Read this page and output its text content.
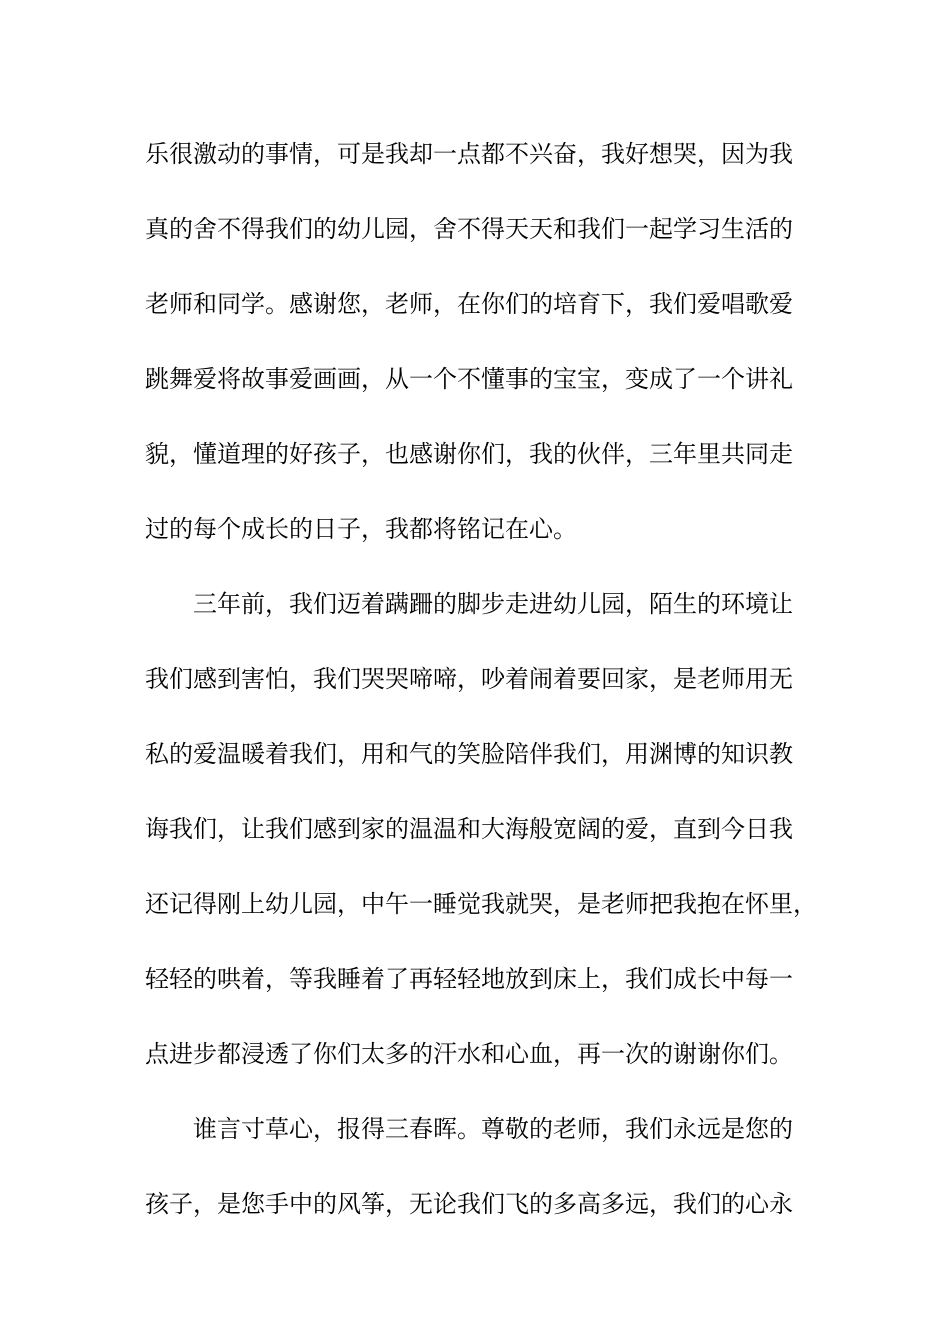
乐很激动的事情，可是我却一点都不兴奋，我好想哭，因为我

真的舍不得我们的幼儿园，舍不得天天和我们一起学习生活的

老师和同学。感谢您，老师，在你们的培育下，我们爱唱歌爱

跳舞爱将故事爱画画，从一个不懂事的宝宝，变成了一个讲礼

貌，懂道理的好孩子，也感谢你们，我的伙伴，三年里共同走

过的每个成长的日子，我都将铭记在心。

三年前，我们迈着蹒跚的脚步走进幼儿园，陌生的环境让

我们感到害怕，我们哭哭啼啼，吵着闹着要回家，是老师用无

私的爱温暖着我们，用和气的笑脸陪伴我们，用渊博的知识教

诲我们，让我们感到家的温温和大海般宽阔的爱，直到今日我

还记得刚上幼儿园，中午一睡觉我就哭，是老师把我抱在怀里，

轻轻的哄着，等我睡着了再轻轻地放到床上，我们成长中每一

点进步都浸透了你们太多的汗水和心血，再一次的谢谢你们。

谁言寸草心，报得三春晖。尊敬的老师，我们永远是您的

孩子，是您手中的风筝，无论我们飞的多高多远，我们的心永
